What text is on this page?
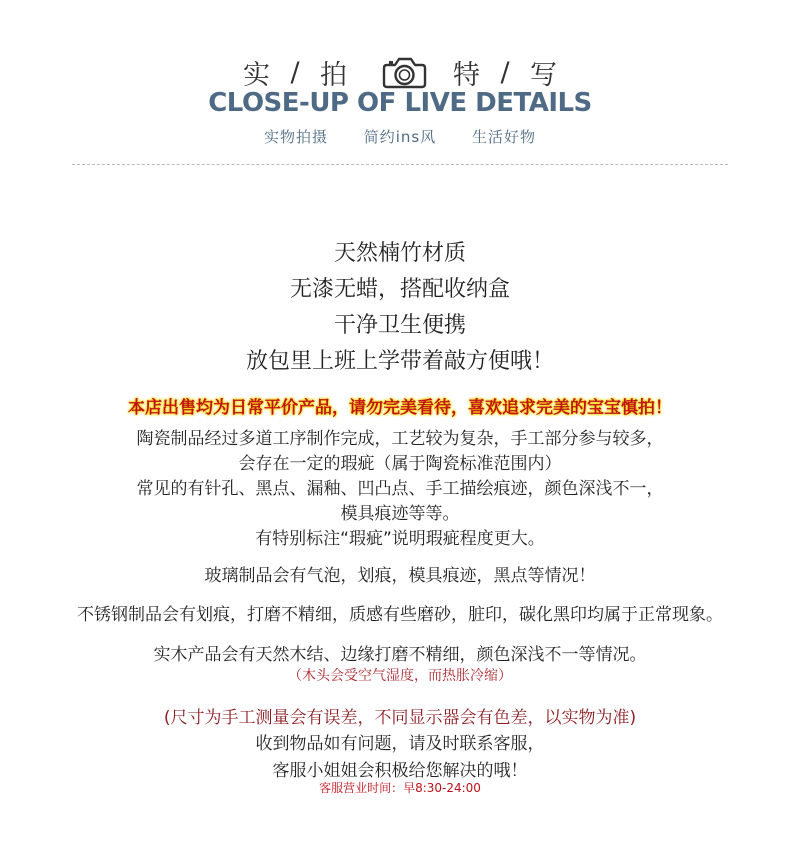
实 / 拍	特 / 写
CLOSE-UP OF LIVE DETAILS
实物拍摄 简约ins风 生活好物
天然楠竹材质
无漆无蜡，搭配收纳盒
干净卫生便携
放包里上班上学带着敲方便哦！
本店出售均为日常平价产品，请勿完美看待，喜欢追求完美的宝宝慎拍！
陶瓷制品经过多道工序制作完成，工艺较为复杂，手工部分参与较多，
会存在一定的瑕疵（属于陶瓷标准范围内）
常见的有针孔、黑点、漏釉、凹凸点、手工描绘痕迹，颜色深浅不一，
模具痕迹等等。
有特别标注“瑕疵”说明瑕疵程度更大。
玻璃制品会有气泡，划痕，模具痕迹，黑点等情况！
不锈钢制品会有划痕，打磨不精细，质感有些磨砂，脏印，碳化黑印均属于正常现象。
实木产品会有天然木结、边缘打磨不精细，颜色深浅不一等情况。
（木头会受空气湿度，而热胀冷缩）
(尺寸为手工测量会有误差，不同显示器会有色差，以实物为准)
收到物品如有问题，请及时联系客服，
客服小姐姐会积极给您解决的哦！
客服营业时间：早8:30-24:00
